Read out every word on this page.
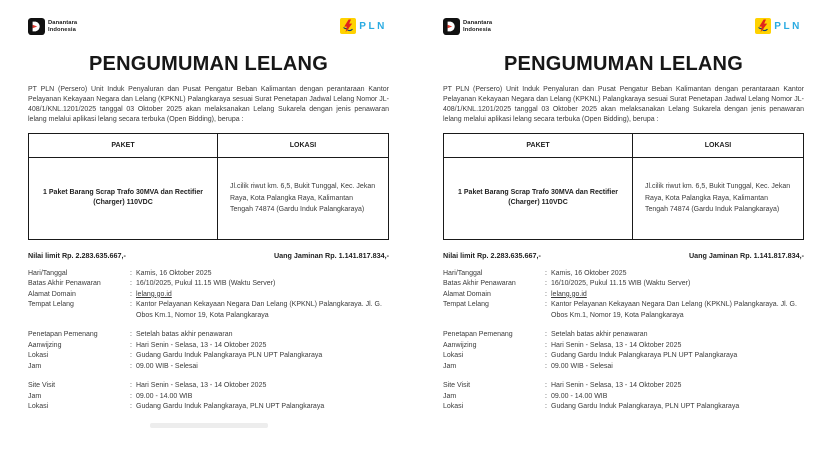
Danantara
Indonesia	PLN
PENGUMUMAN LELANG
PT PLN (Persero) Unit Induk Penyaluran dan Pusat Pengatur Beban Kalimantan dengan perantaraan Kantor Pelayanan Kekayaan Negara dan Lelang (KPKNL) Palangkaraya sesuai Surat Penetapan Jadwal Lelang Nomor JL-408/1/KNL.1201/2025 tanggal 03 Oktober 2025 akan melaksanakan Lelang Sukarela dengan jenis penawaran lelang melalui aplikasi lelang secara terbuka (Open Bidding), berupa :
PAKET	LOKASI
1 Paket Barang Scrap Trafo 30MVA dan Rectifier (Charger) 110VDC	Jl.cilik riwut km. 6,5, Bukit Tunggal, Kec. Jekan Raya, Kota Palangka Raya, Kalimantan Tengah 74874 (Gardu Induk Palangkaraya)
Nilai limit Rp. 2.283.635.667,-	Uang Jaminan Rp. 1.141.817.834,-
Hari/Tanggal	: Kamis, 16 Oktober 2025
Batas Akhir Penawaran	: 16/10/2025, Pukul 11.15 WIB (Waktu Server)
Alamat Domain	: lelang.go.id
Tempat Lelang	: Kantor Pelayanan Kekayaan Negara Dan Lelang (KPKNL) Palangkaraya. Jl. G. Obos Km.1, Nomor 19, Kota Palangkaraya
Penetapan Pemenang	: Setelah batas akhir penawaran
Aanwijzing	: Hari Senin - Selasa, 13 - 14 Oktober 2025
Lokasi	: Gudang Gardu Induk Palangkaraya PLN UPT Palangkaraya
Jam	: 09.00 WIB - Selesai
Site Visit	: Hari Senin - Selasa, 13 - 14 Oktober 2025
Jam	: 09.00 - 14.00 WIB
Lokasi	: Gudang Gardu Induk Palangkaraya, PLN UPT Palangkaraya
Danantara
Indonesia	PLN
PENGUMUMAN LELANG
PT PLN (Persero) Unit Induk Penyaluran dan Pusat Pengatur Beban Kalimantan dengan perantaraan Kantor Pelayanan Kekayaan Negara dan Lelang (KPKNL) Palangkaraya sesuai Surat Penetapan Jadwal Lelang Nomor JL-408/1/KNL.1201/2025 tanggal 03 Oktober 2025 akan melaksanakan Lelang Sukarela dengan jenis penawaran lelang melalui aplikasi lelang secara terbuka (Open Bidding), berupa :
PAKET	LOKASI
1 Paket Barang Scrap Trafo 30MVA dan Rectifier (Charger) 110VDC	Jl.cilik riwut km. 6,5, Bukit Tunggal, Kec. Jekan Raya, Kota Palangka Raya, Kalimantan Tengah 74874 (Gardu Induk Palangkaraya)
Nilai limit Rp. 2.283.635.667,-	Uang Jaminan Rp. 1.141.817.834,-
Hari/Tanggal	: Kamis, 16 Oktober 2025
Batas Akhir Penawaran	: 16/10/2025, Pukul 11.15 WIB (Waktu Server)
Alamat Domain	: lelang.go.id
Tempat Lelang	: Kantor Pelayanan Kekayaan Negara Dan Lelang (KPKNL) Palangkaraya. Jl. G. Obos Km.1, Nomor 19, Kota Palangkaraya
Penetapan Pemenang	: Setelah batas akhir penawaran
Aanwijzing	: Hari Senin - Selasa, 13 - 14 Oktober 2025
Lokasi	: Gudang Gardu Induk Palangkaraya PLN UPT Palangkaraya
Jam	: 09.00 WIB - Selesai
Site Visit	: Hari Senin - Selasa, 13 - 14 Oktober 2025
Jam	: 09.00 - 14.00 WIB
Lokasi	: Gudang Gardu Induk Palangkaraya, PLN UPT Palangkaraya
